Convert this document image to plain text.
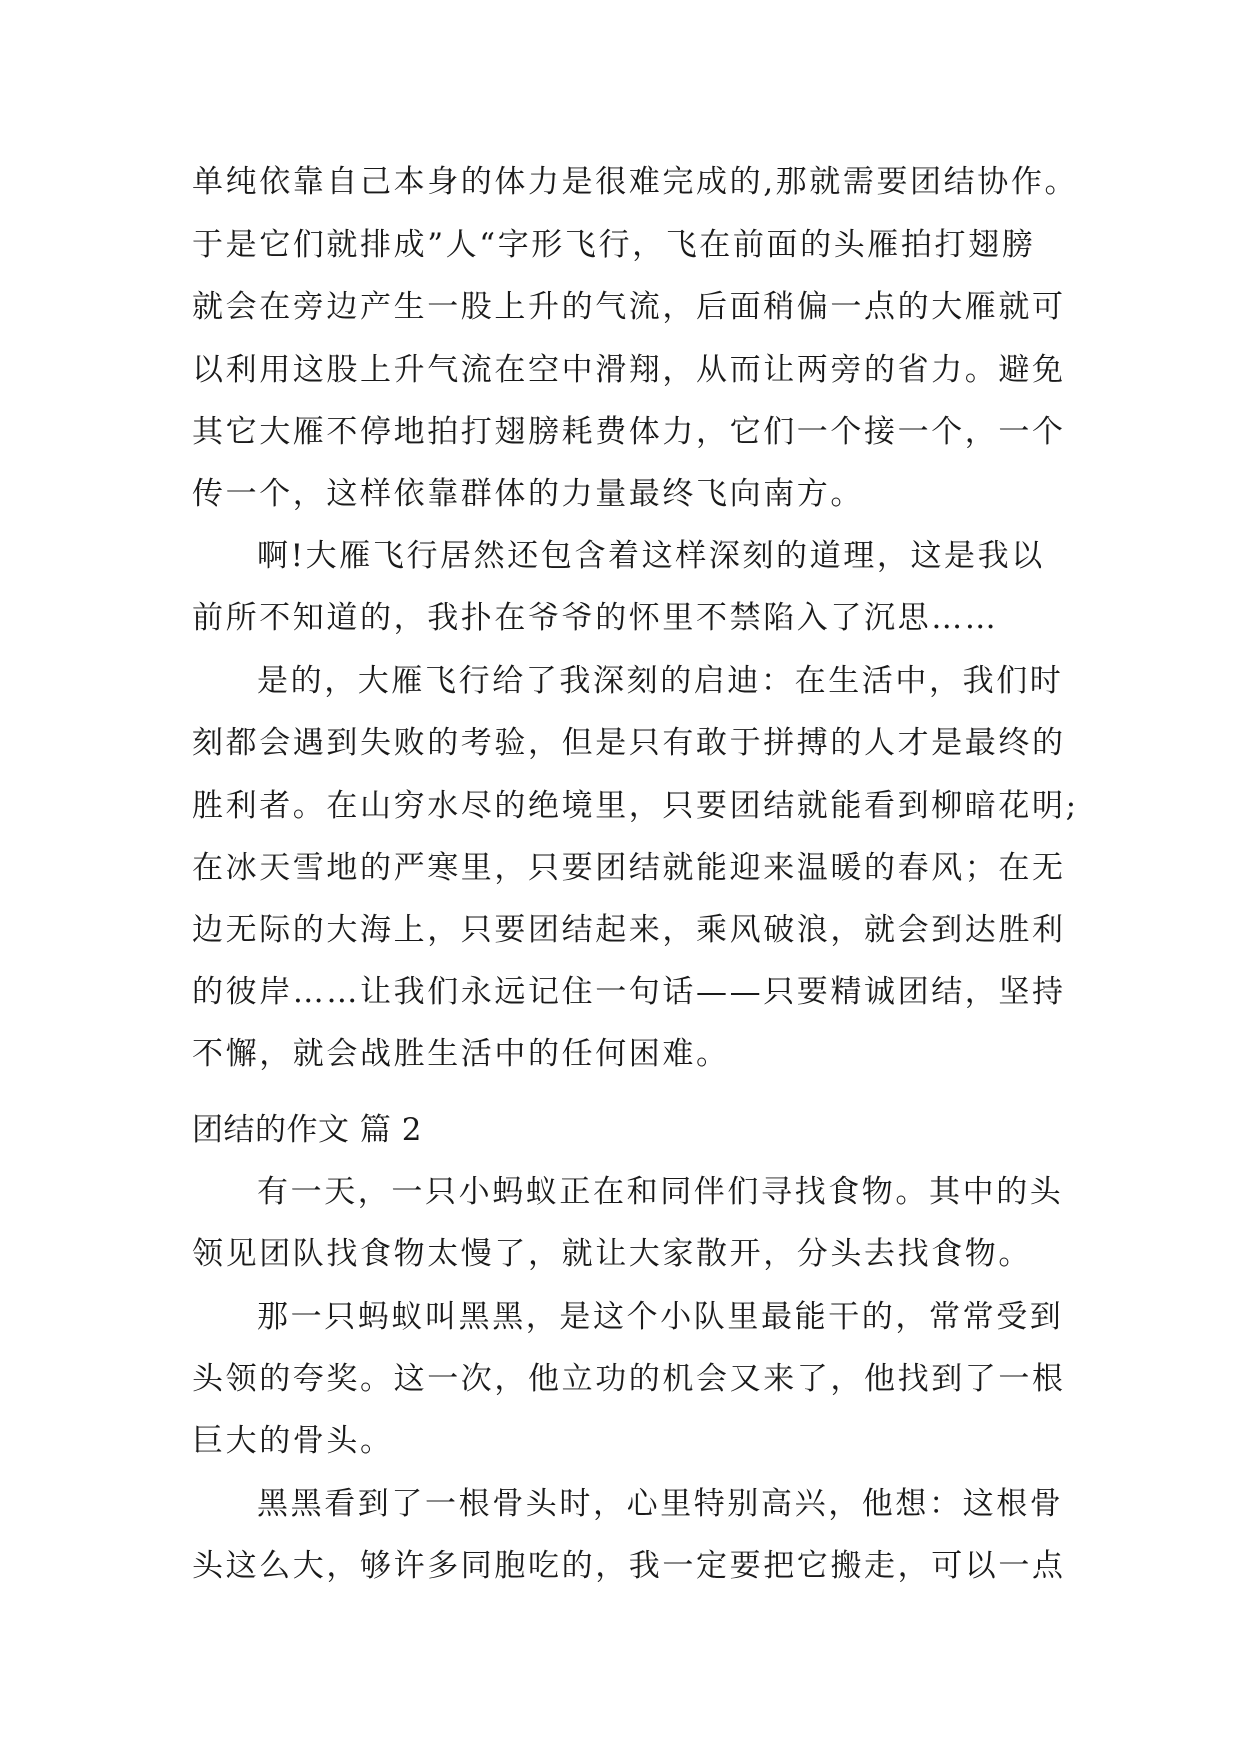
单纯依靠自己本身的体力是很难完成的,那就需要团结协作。
于是它们就排成”人“字形飞行，飞在前面的头雁拍打翅膀
就会在旁边产生一股上升的气流，后面稍偏一点的大雁就可
以利用这股上升气流在空中滑翔，从而让两旁的省力。避免
其它大雁不停地拍打翅膀耗费体力，它们一个接一个，一个
传一个，这样依靠群体的力量最终飞向南方。
啊!大雁飞行居然还包含着这样深刻的道理，这是我以
前所不知道的，我扑在爷爷的怀里不禁陷入了沉思……
是的，大雁飞行给了我深刻的启迪：在生活中，我们时
刻都会遇到失败的考验，但是只有敢于拼搏的人才是最终的
胜利者。在山穷水尽的绝境里，只要团结就能看到柳暗花明;
在冰天雪地的严寒里，只要团结就能迎来温暖的春风；在无
边无际的大海上，只要团结起来，乘风破浪，就会到达胜利
的彼岸……让我们永远记住一句话——只要精诚团结，坚持
不懈，就会战胜生活中的任何困难。
团结的作文 篇 2
有一天，一只小蚂蚁正在和同伴们寻找食物。其中的头
领见团队找食物太慢了，就让大家散开，分头去找食物。
那一只蚂蚁叫黑黑，是这个小队里最能干的，常常受到
头领的夸奖。这一次，他立功的机会又来了，他找到了一根
巨大的骨头。
黑黑看到了一根骨头时，心里特别高兴，他想：这根骨
头这么大，够许多同胞吃的，我一定要把它搬走，可以一点
